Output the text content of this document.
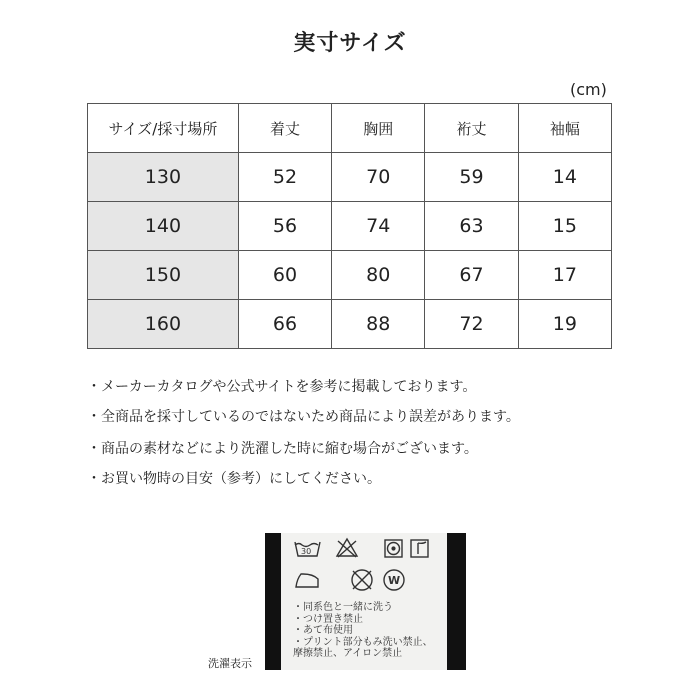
実寸サイズ
(cm)
サイズ/採寸場所	着丈	胸囲	裄丈	袖幅
130	52	70	59	14
140	56	74	63	15
150	60	80	67	17
160	66	88	72	19
・メーカーカタログや公式サイトを参考に掲載しております。
・全商品を採寸しているのではないため商品により誤差があります。
・商品の素材などにより洗濯した時に縮む場合がございます。
・お買い物時の目安（参考）にしてください。
30
W
・同系色と一緒に洗う
・つけ置き禁止
・あて布使用
・プリント部分もみ洗い禁止、
摩擦禁止、アイロン禁止
洗濯表示
